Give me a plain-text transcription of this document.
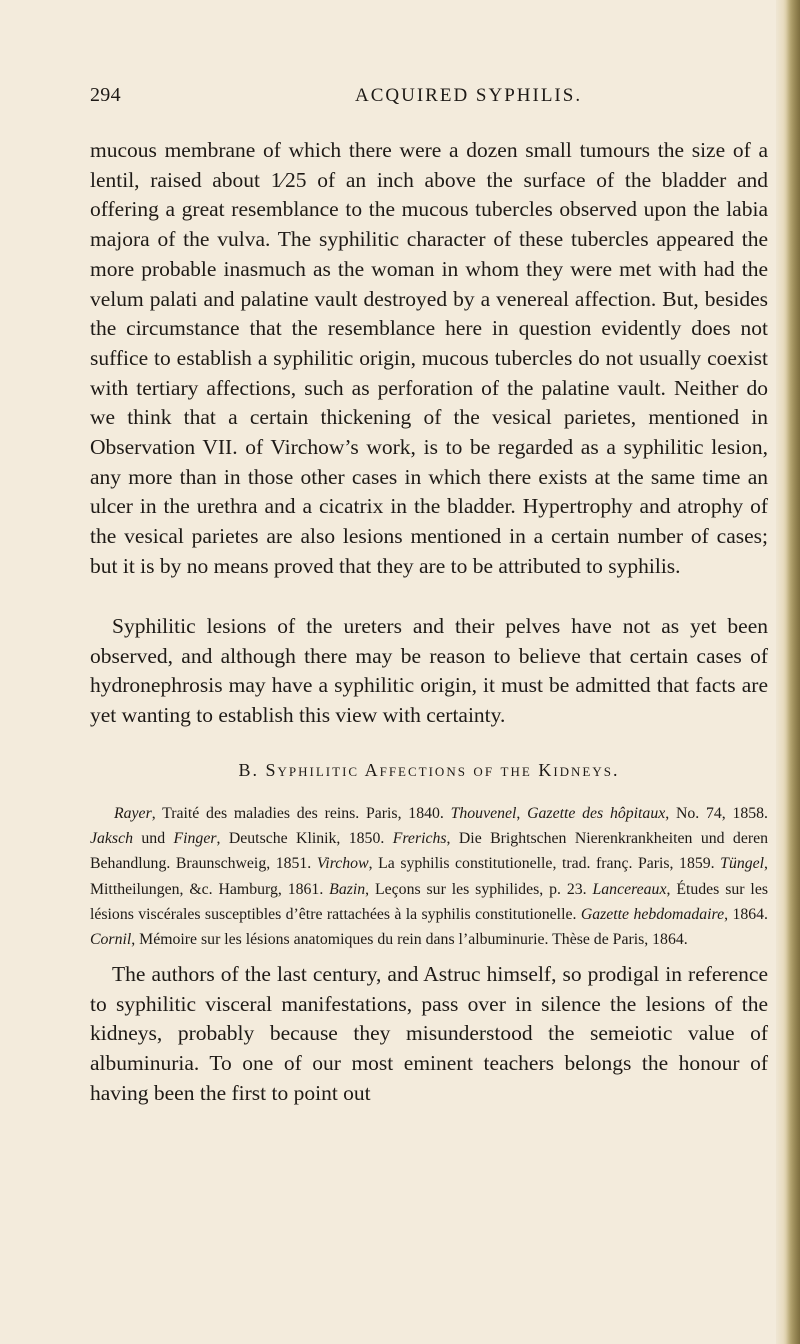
294	ACQUIRED SYPHILIS.

mucous membrane of which there were a dozen small tumours the size of a lentil, raised about 1⁄25 of an inch above the surface of the bladder and offering a great resemblance to the mucous tubercles observed upon the labia majora of the vulva. The syphilitic character of these tubercles appeared the more probable inasmuch as the woman in whom they were met with had the velum palati and palatine vault destroyed by a venereal affection. But, besides the circumstance that the resemblance here in question evidently does not suffice to establish a syphilitic origin, mucous tubercles do not usually coexist with tertiary affections, such as perforation of the palatine vault. Neither do we think that a certain thickening of the vesical parietes, mentioned in Observation VII. of Virchow’s work, is to be regarded as a syphilitic lesion, any more than in those other cases in which there exists at the same time an ulcer in the urethra and a cicatrix in the bladder. Hypertrophy and atrophy of the vesical parietes are also lesions mentioned in a certain number of cases; but it is by no means proved that they are to be attributed to syphilis.

Syphilitic lesions of the ureters and their pelves have not as yet been observed, and although there may be reason to believe that certain cases of hydronephrosis may have a syphilitic origin, it must be admitted that facts are yet wanting to establish this view with certainty.

B. Syphilitic Affections of the Kidneys.
Rayer, Traité des maladies des reins. Paris, 1840. Thouvenel, Gazette des hôpitaux, No. 74, 1858. Jaksch und Finger, Deutsche Klinik, 1850. Frerichs, Die Brightschen Nierenkrankheiten und deren Behandlung. Braunschweig, 1851. Virchow, La syphilis constitutionelle, trad. franç. Paris, 1859. Tüngel, Mittheilungen, &c. Hamburg, 1861. Bazin, Leçons sur les syphilides, p. 23. Lancereaux, Études sur les lésions viscérales susceptibles d’être rattachées à la syphilis constitutionelle. Gazette hebdomadaire, 1864. Cornil, Mémoire sur les lésions anatomiques du rein dans l’albuminurie. Thèse de Paris, 1864.

The authors of the last century, and Astruc himself, so prodigal in reference to syphilitic visceral manifestations, pass over in silence the lesions of the kidneys, probably because they misunderstood the semeiotic value of albuminuria. To one of our most eminent teachers belongs the honour of having been the first to point out
